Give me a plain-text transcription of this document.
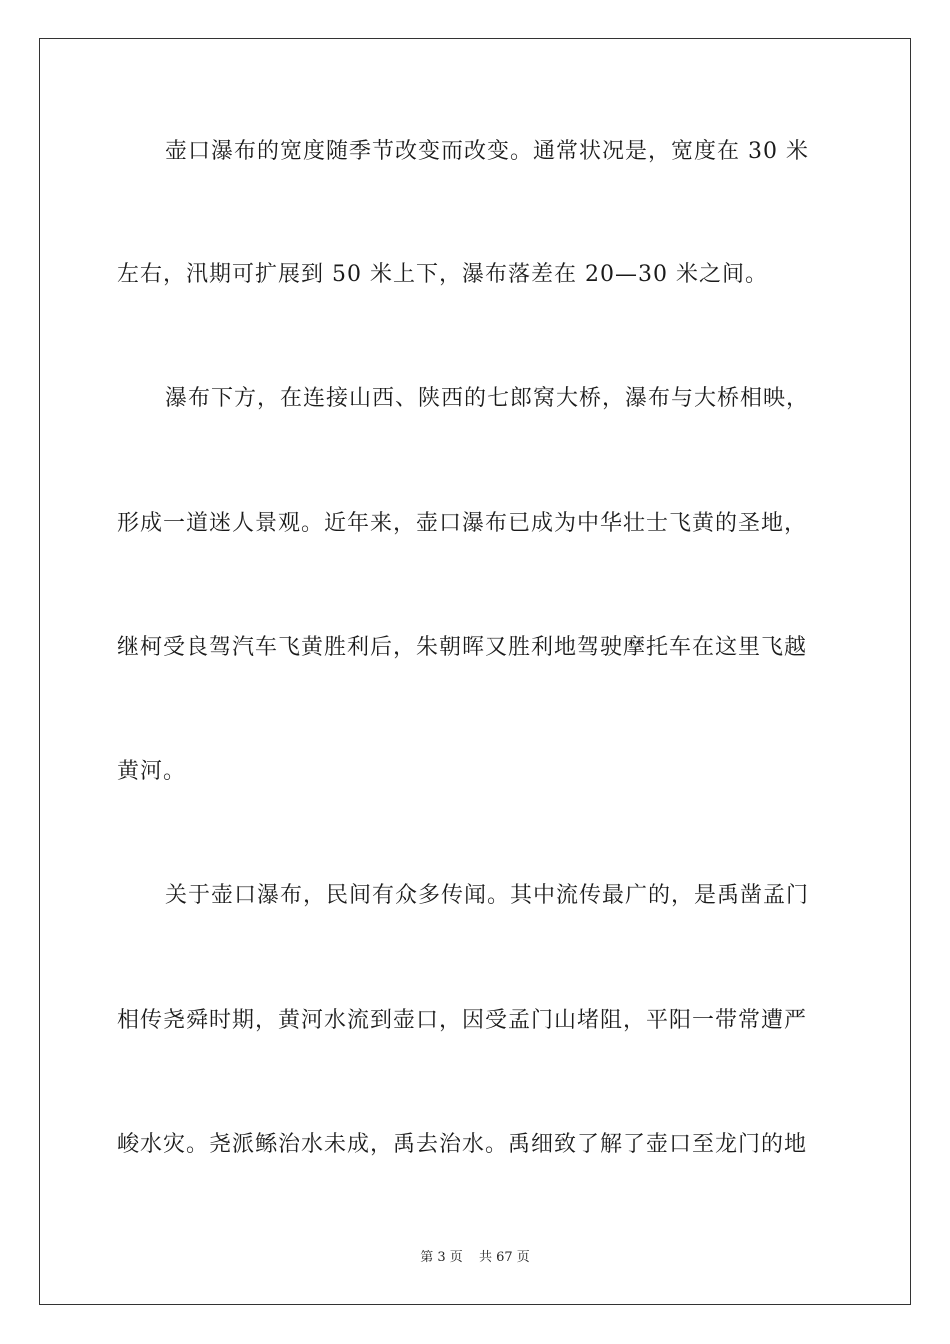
壶口瀑布的宽度随季节改变而改变。通常状况是，宽度在 30 米
左右，汛期可扩展到 50 米上下，瀑布落差在 20—30 米之间。
瀑布下方，在连接山西、陕西的七郎窝大桥，瀑布与大桥相映，
形成一道迷人景观。近年来，壶口瀑布已成为中华壮士飞黄的圣地，
继柯受良驾汽车飞黄胜利后，朱朝晖又胜利地驾驶摩托车在这里飞越
黄河。
关于壶口瀑布，民间有众多传闻。其中流传最广的，是禹凿孟门
相传尧舜时期，黄河水流到壶口，因受孟门山堵阻，平阳一带常遭严
峻水灾。尧派鲧治水未成，禹去治水。禹细致了解了壶口至龙门的地
第 3 页 共 67 页
